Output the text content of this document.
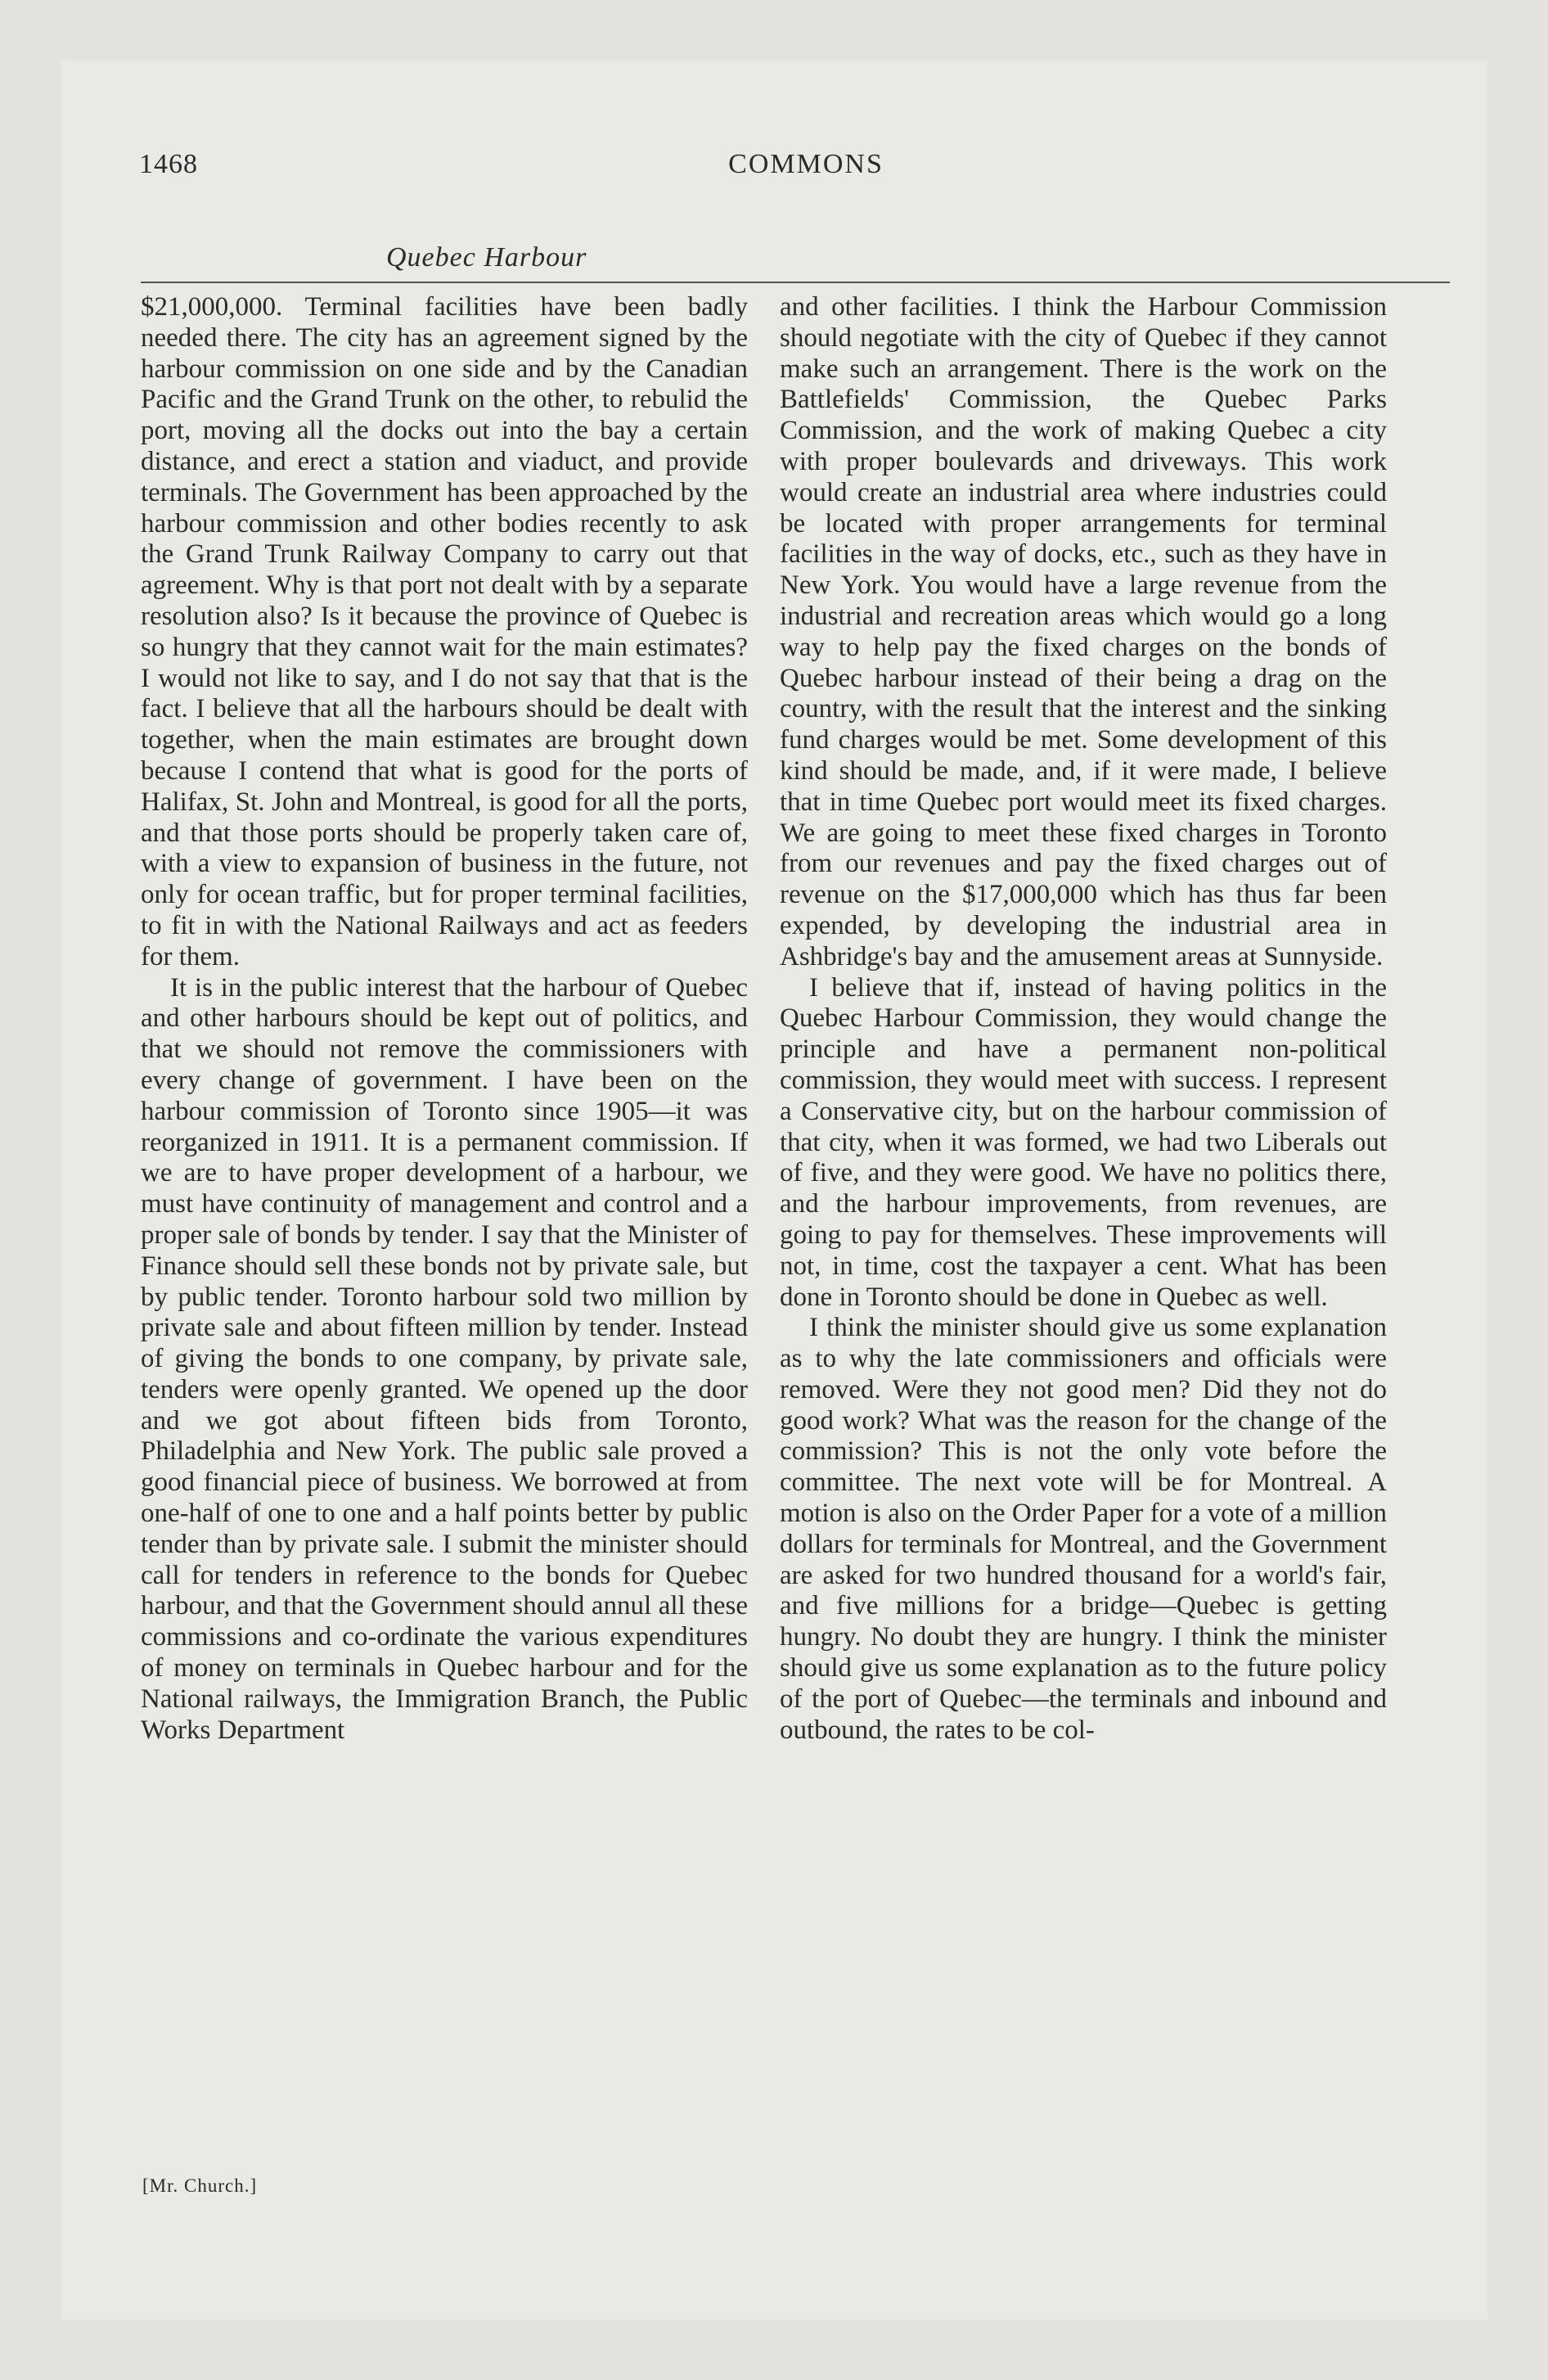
1468	COMMONS
Quebec Harbour

$21,000,000. Terminal facilities have been badly needed there. The city has an agreement signed by the harbour commission on one side and by the Canadian Pacific and the Grand Trunk on the other, to rebulid the port, moving all the docks out into the bay a certain distance, and erect a station and viaduct, and provide terminals. The Government has been approached by the harbour commission and other bodies recently to ask the Grand Trunk Railway Company to carry out that agreement. Why is that port not dealt with by a separate resolution also? Is it because the province of Quebec is so hungry that they cannot wait for the main estimates? I would not like to say, and I do not say that that is the fact. I believe that all the harbours should be dealt with together, when the main estimates are brought down because I contend that what is good for the ports of Halifax, St. John and Montreal, is good for all the ports, and that those ports should be properly taken care of, with a view to expansion of business in the future, not only for ocean traffic, but for proper terminal facilities, to fit in with the National Railways and act as feeders for them.

It is in the public interest that the harbour of Quebec and other harbours should be kept out of politics, and that we should not remove the commissioners with every change of government. I have been on the harbour commission of Toronto since 1905—it was reorganized in 1911. It is a permanent commission. If we are to have proper development of a harbour, we must have continuity of management and control and a proper sale of bonds by tender. I say that the Minister of Finance should sell these bonds not by private sale, but by public tender. Toronto harbour sold two million by private sale and about fifteen million by tender. Instead of giving the bonds to one company, by private sale, tenders were openly granted. We opened up the door and we got about fifteen bids from Toronto, Philadelphia and New York. The public sale proved a good financial piece of business. We borrowed at from one-half of one to one and a half points better by public tender than by private sale. I submit the minister should call for tenders in reference to the bonds for Quebec harbour, and that the Government should annul all these commissions and co-ordinate the various expenditures of money on terminals in Quebec harbour and for the National railways, the Immigration Branch, the Public Works Department

and other facilities. I think the Harbour Commission should negotiate with the city of Quebec if they cannot make such an arrangement. There is the work on the Battlefields' Commission, the Quebec Parks Commission, and the work of making Quebec a city with proper boulevards and driveways. This work would create an industrial area where industries could be located with proper arrangements for terminal facilities in the way of docks, etc., such as they have in New York. You would have a large revenue from the industrial and recreation areas which would go a long way to help pay the fixed charges on the bonds of Quebec harbour instead of their being a drag on the country, with the result that the interest and the sinking fund charges would be met. Some development of this kind should be made, and, if it were made, I believe that in time Quebec port would meet its fixed charges. We are going to meet these fixed charges in Toronto from our revenues and pay the fixed charges out of revenue on the $17,000,000 which has thus far been expended, by developing the industrial area in Ashbridge's bay and the amusement areas at Sunnyside.

I believe that if, instead of having politics in the Quebec Harbour Commission, they would change the principle and have a permanent non-political commission, they would meet with success. I represent a Conservative city, but on the harbour commission of that city, when it was formed, we had two Liberals out of five, and they were good. We have no politics there, and the harbour improvements, from revenues, are going to pay for themselves. These improvements will not, in time, cost the taxpayer a cent. What has been done in Toronto should be done in Quebec as well.

I think the minister should give us some explanation as to why the late commissioners and officials were removed. Were they not good men? Did they not do good work? What was the reason for the change of the commission? This is not the only vote before the committee. The next vote will be for Montreal. A motion is also on the Order Paper for a vote of a million dollars for terminals for Montreal, and the Government are asked for two hundred thousand for a world's fair, and five millions for a bridge—Quebec is getting hungry. No doubt they are hungry. I think the minister should give us some explanation as to the future policy of the port of Quebec—the terminals and inbound and outbound, the rates to be col-

[Mr. Church.]
